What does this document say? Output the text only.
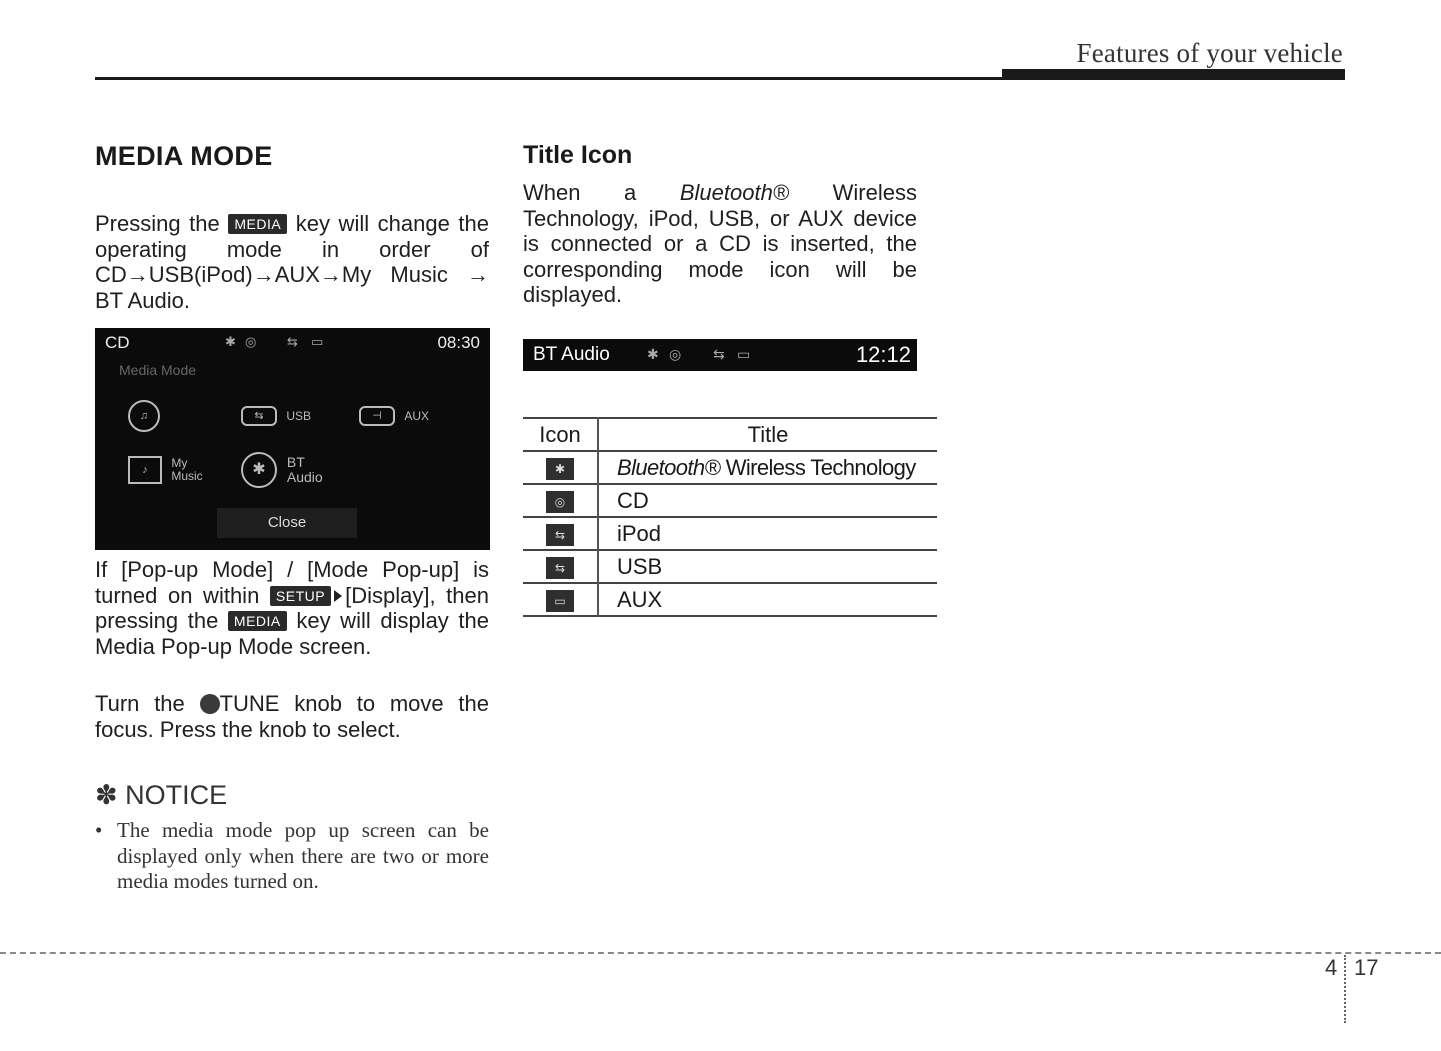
Features of your vehicle
MEDIA MODE
Pressing the MEDIA key will change the operating mode in order of CD→USB(iPod)→AUX→My Music → BT Audio.
CD	✱ ◎ ⇆ ▭	08:30
Media Mode
♫	⇆ USB	⊣ AUX
♪ My
Music	✱ BT
Audio
Close
If [Pop-up Mode] / [Mode Pop-up] is turned on within SETUP [Display], then pressing the MEDIA key will display the Media Pop-up Mode screen.
Turn the TUNE knob to move the focus. Press the knob to select.
✽ NOTICE
• The media mode pop up screen can be displayed only when there are two or more media modes turned on.
Title Icon
When a Bluetooth® Wireless Technology, iPod, USB, or AUX device is connected or a CD is inserted, the corresponding mode icon will be displayed.
BT Audio	✱ ◎ ⇆ ▭	12:12
Icon	Title
✱	Bluetooth® Wireless Technology
◎	CD
⇆	iPod
⇆	USB
▭	AUX
4 17
